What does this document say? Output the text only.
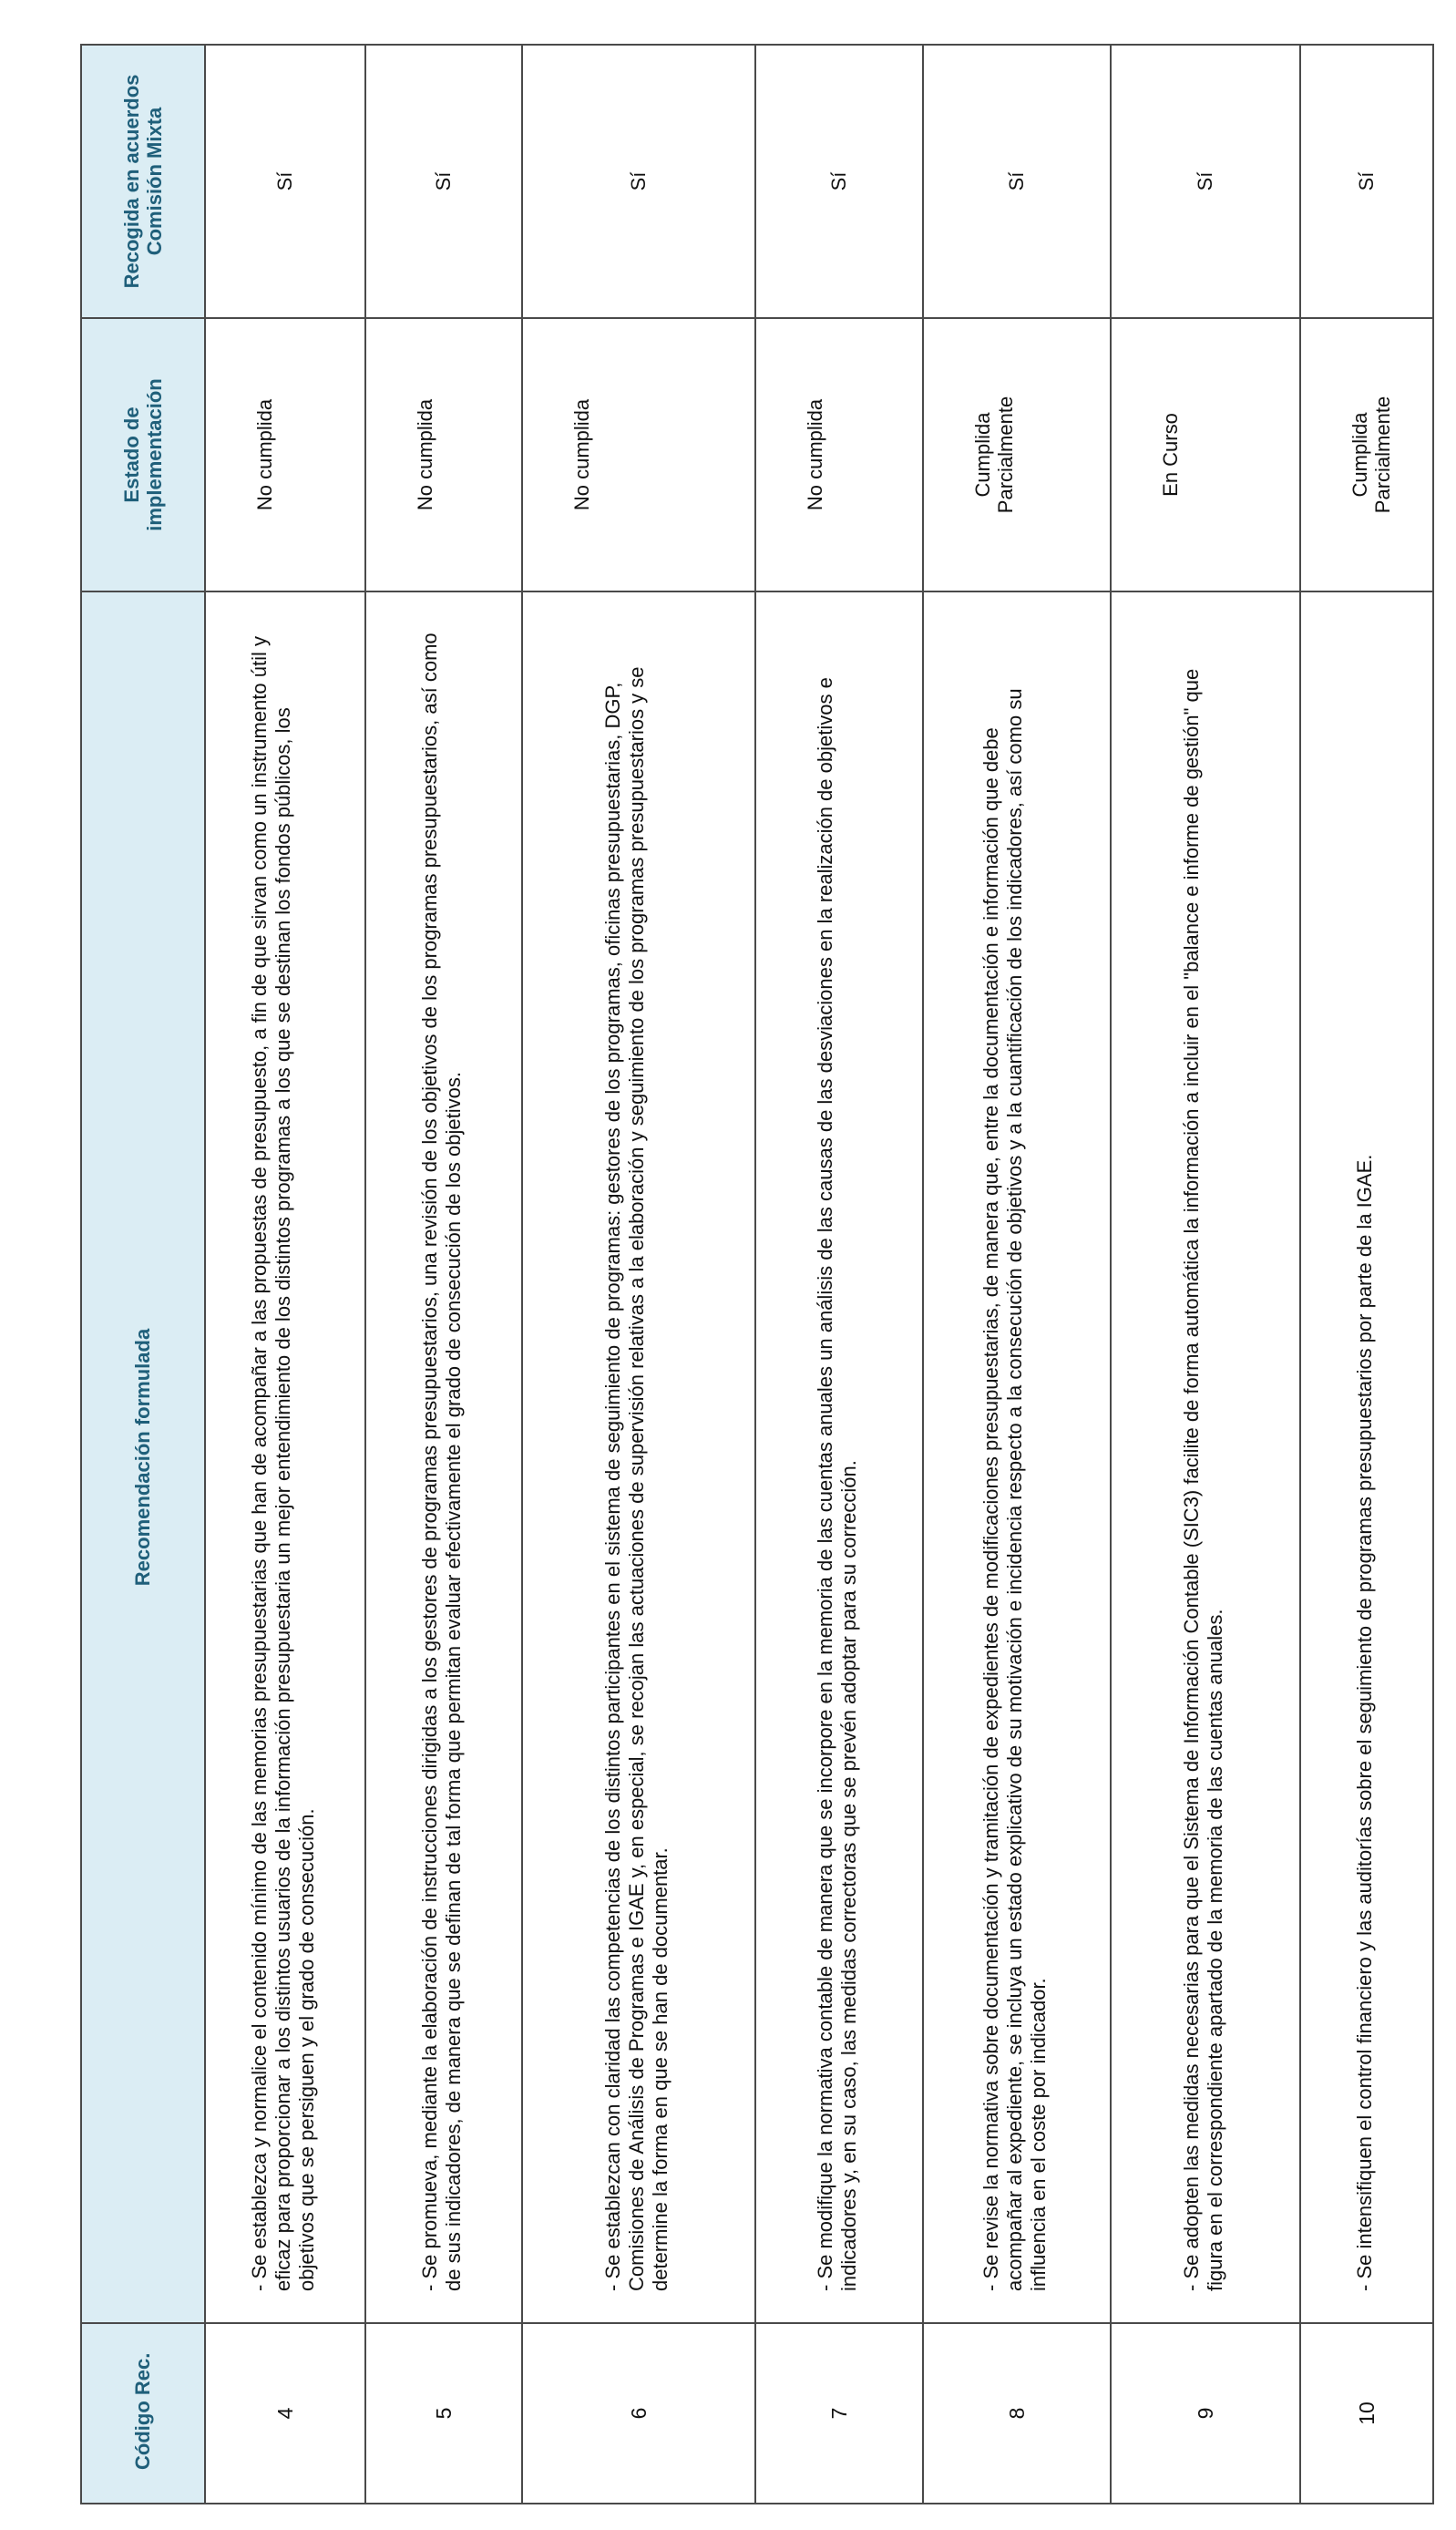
Código Rec.	Recomendación formulada	Estado de implementación	Recogida en acuerdos Comisión Mixta
4	- Se establezca y normalice el contenido mínimo de las memorias presupuestarias que han de acompañar a las propuestas de presupuesto, a fin de que sirvan como un instrumento útil y eficaz para proporcionar a los distintos usuarios de la información presupuestaria un mejor entendimiento de los distintos programas a los que se destinan los fondos públicos, los objetivos que se persiguen y el grado de consecución.	No cumplida	Sí
5	- Se promueva, mediante la elaboración de instrucciones dirigidas a los gestores de programas presupuestarios, una revisión de los objetivos de los programas presupuestarios, así como de sus indicadores, de manera que se definan de tal forma que permitan evaluar efectivamente el grado de consecución de los objetivos.	No cumplida	Sí
6	- Se establezcan con claridad las competencias de los distintos participantes en el sistema de seguimiento de programas: gestores de los programas, oficinas presupuestarias, DGP, Comisiones de Análisis de Programas e IGAE y, en especial, se recojan las actuaciones de supervisión relativas a la elaboración y seguimiento de los programas presupuestarios y se determine la forma en que se han de documentar.	No cumplida	Sí
7	- Se modifique la normativa contable de manera que se incorpore en la memoria de las cuentas anuales un análisis de las causas de las desviaciones en la realización de objetivos e indicadores y, en su caso, las medidas correctoras que se prevén adoptar para su corrección.	No cumplida	Sí
8	- Se revise la normativa sobre documentación y tramitación de expedientes de modificaciones presupuestarias, de manera que, entre la documentación e información que debe acompañar al expediente, se incluya un estado explicativo de su motivación e incidencia respecto a la consecución de objetivos y a la cuantificación de los indicadores, así como su influencia en el coste por indicador.	Cumplida Parcialmente	Sí
9	- Se adopten las medidas necesarias para que el Sistema de Información Contable (SIC3) facilite de forma automática la información a incluir en el "balance e informe de gestión" que figura en el correspondiente apartado de la memoria de las cuentas anuales.	En Curso	Sí
10	- Se intensifiquen el control financiero y las auditorías sobre el seguimiento de programas presupuestarios por parte de la IGAE.	Cumplida Parcialmente	Sí
